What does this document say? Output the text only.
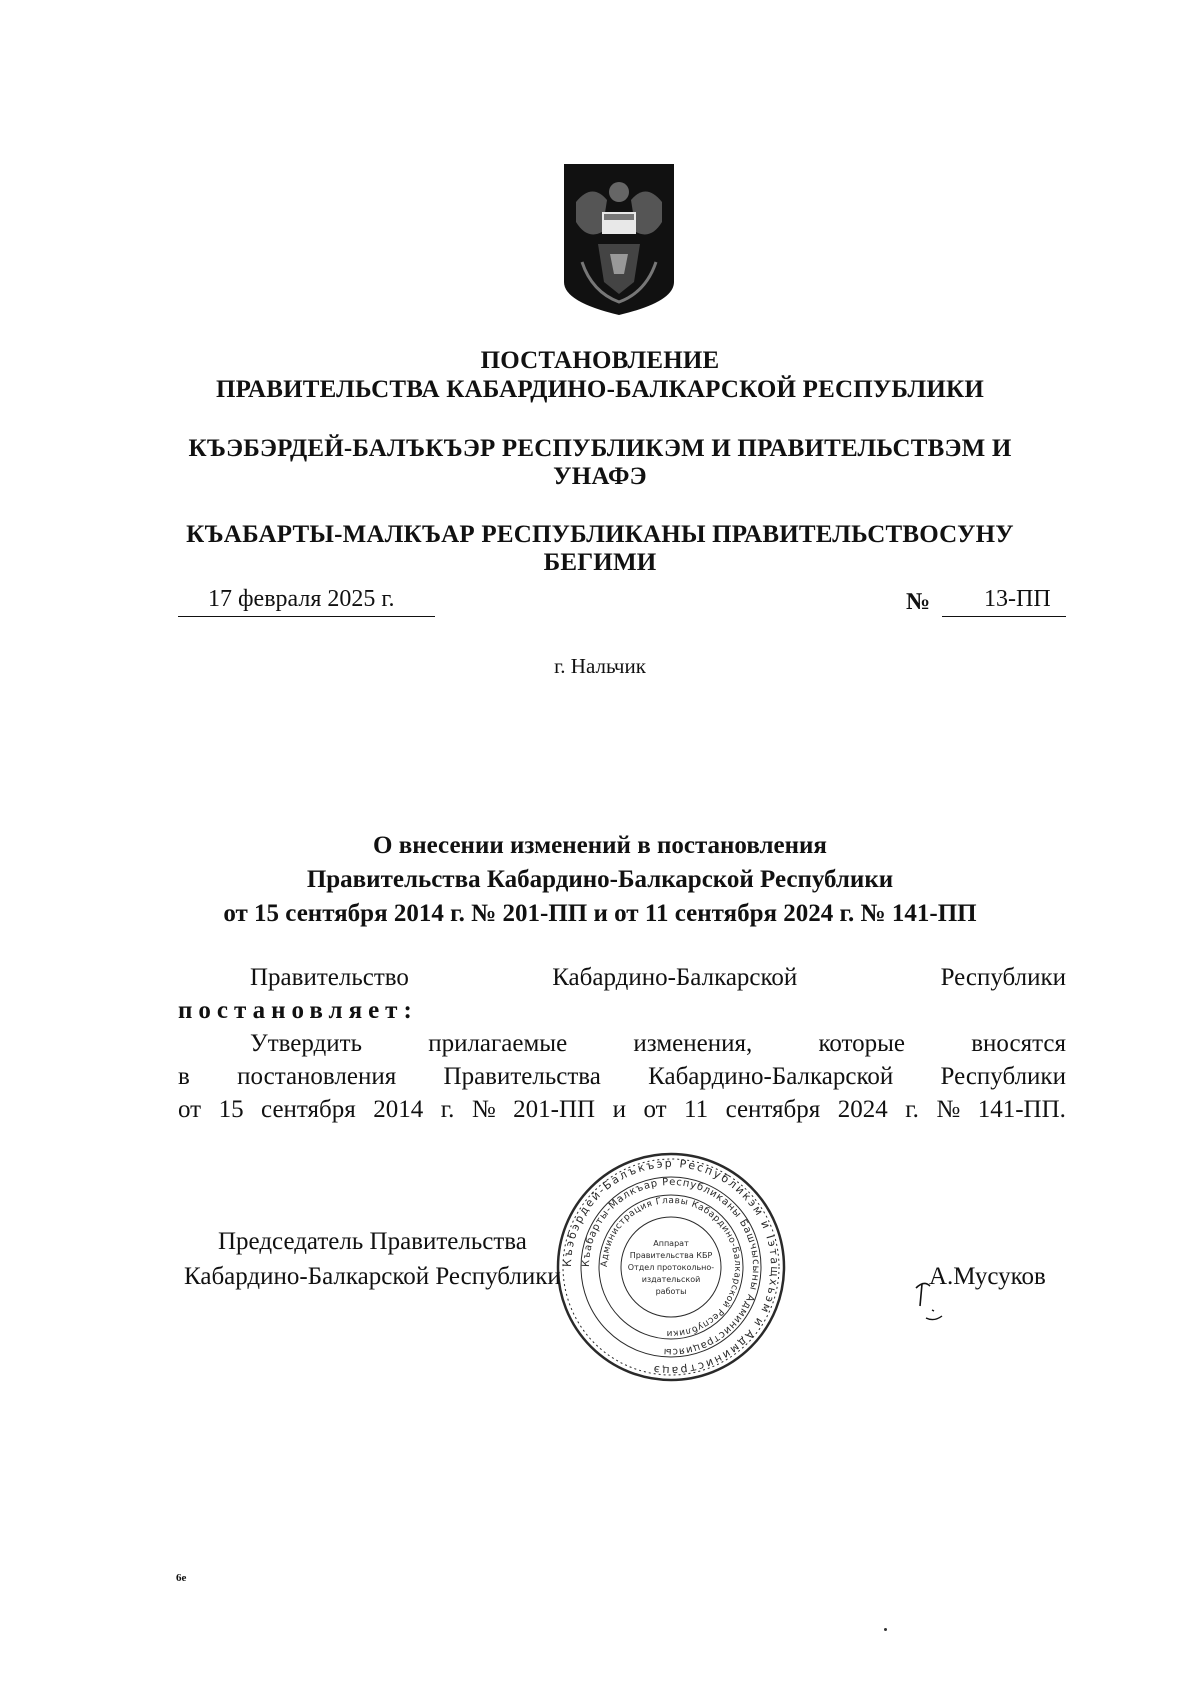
ПОСТАНОВЛЕНИЕ
ПРАВИТЕЛЬСТВА КАБАРДИНО-БАЛКАРСКОЙ РЕСПУБЛИКИ
КЪЭБЭРДЕЙ-БАЛЪКЪЭР РЕСПУБЛИКЭМ И ПРАВИТЕЛЬСТВЭМ И
УНАФЭ
КЪАБАРТЫ-МАЛКЪАР РЕСПУБЛИКАНЫ ПРАВИТЕЛЬСТВОСУНУ
БЕГИМИ
17 февраля 2025 г.	№ 13-ПП
г. Нальчик
О внесении изменений в постановления
Правительства Кабардино-Балкарской Республики
от 15 сентября 2014 г. № 201-ПП и от 11 сентября 2024 г. № 141-ПП
Правительство	Кабардино-Балкарской	Республики
постановляет:
Утвердить	прилагаемые	изменения,	которые	вносятся
в постановления Правительства Кабардино-Балкарской Республики
от 15 сентября 2014 г. № 201-ПП и от 11 сентября 2024 г. № 141-ПП.
Къэбэрдей-Балъкъэр Республикэм и Iэтащхьэм и Администрацэ
Къабарты-Малкъар Республиканы Башчысыны Администрациясы
Администрация Главы Кабардино-Балкарской Республики
Аппарат
Правительства КБР
Отдел протокольно-
издательской
работы
Председатель Правительства
Кабардино-Балкарской Республики	А.Мусуков
6е
